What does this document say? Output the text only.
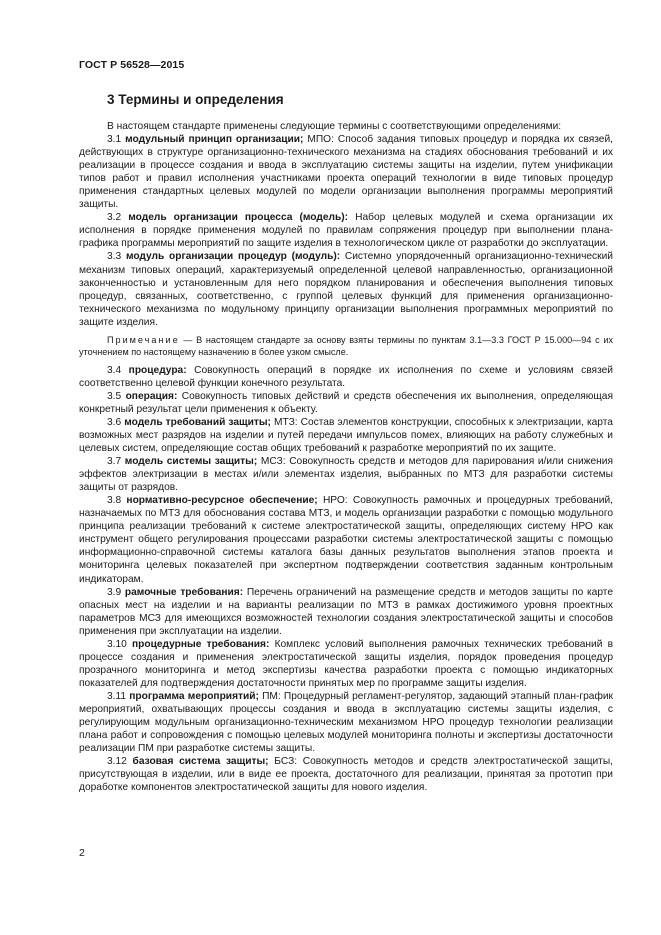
ГОСТ Р 56528—2015
3 Термины и определения

В настоящем стандарте применены следующие термины с соответствующими определениями:

3.1 модульный принцип организации; МПО: Способ задания типовых процедур и порядка их связей, действующих в структуре организационно-технического механизма на стадиях обоснования требований и их реализации в процессе создания и ввода в эксплуатацию системы защиты на изделии, путем унификации типов работ и правил исполнения участниками проекта операций технологии в виде типовых процедур применения стандартных целевых модулей по модели организации выполнения программы мероприятий защиты.

3.2 модель организации процесса (модель): Набор целевых модулей и схема организации их исполнения в порядке применения модулей по правилам сопряжения процедур при выполнении плана-графика программы мероприятий по защите изделия в технологическом цикле от разработки до эксплуатации.

3.3 модуль организации процедур (модуль): Системно упорядоченный организационно-технический механизм типовых операций, характеризуемый определенной целевой направленностью, организационной законченностью и установленным для него порядком планирования и обеспечения выполнения типовых процедур, связанных, соответственно, с группой целевых функций для применения организационно-технического механизма по модульному принципу организации выполнения программных мероприятий по защите изделия.

Примечание — В настоящем стандарте за основу взяты термины по пунктам 3.1—3.3 ГОСТ Р 15.000—94 с их уточнением по настоящему назначению в более узком смысле.

3.4 процедура: Совокупность операций в порядке их исполнения по схеме и условиям связей соответственно целевой функции конечного результата.

3.5 операция: Совокупность типовых действий и средств обеспечения их выполнения, определяющая конкретный результат цели применения к объекту.

3.6 модель требований защиты; МТЗ: Состав элементов конструкции, способных к электризации, карта возможных мест разрядов на изделии и путей передачи импульсов помех, влияющих на работу служебных и целевых систем, определяющие состав общих требований к разработке мероприятий по их защите.

3.7 модель системы защиты; МСЗ: Совокупность средств и методов для парирования и/или снижения эффектов электризации в местах и/или элементах изделия, выбранных по МТЗ для разработки системы защиты от разрядов.

3.8 нормативно-ресурсное обеспечение; НРО: Совокупность рамочных и процедурных требований, назначаемых по МТЗ для обоснования состава МТЗ, и модель организации разработки с помощью модульного принципа реализации требований к системе электростатической защиты, определяющих систему НРО как инструмент общего регулирования процессами разработки системы электростатической защиты с помощью информационно-справочной системы каталога базы данных результатов выполнения этапов проекта и мониторинга целевых показателей при экспертном подтверждении соответствия заданным контрольным индикаторам.

3.9 рамочные требования: Перечень ограничений на размещение средств и методов защиты по карте опасных мест на изделии и на варианты реализации по МТЗ в рамках достижимого уровня проектных параметров МСЗ для имеющихся возможностей технологии создания электростатической защиты и способов применения при эксплуатации на изделии.

3.10 процедурные требования: Комплекс условий выполнения рамочных технических требований в процессе создания и применения электростатической защиты изделия, порядок проведения процедур прозрачного мониторинга и метод экспертизы качества разработки проекта с помощью индикаторных показателей для подтверждения достаточности принятых мер по программе защиты изделия.

3.11 программа мероприятий; ПМ: Процедурный регламент-регулятор, задающий этапный план-график мероприятий, охватывающих процессы создания и ввода в эксплуатацию системы защиты изделия, с регулирующим модульным организационно-техническим механизмом НРО процедур технологии реализации плана работ и сопровождения с помощью целевых модулей мониторинга полноты и экспертизы достаточности реализации ПМ при разработке системы защиты.

3.12 базовая система защиты; БСЗ: Совокупность методов и средств электростатической защиты, присутствующая в изделии, или в виде ее проекта, достаточного для реализации, принятая за прототип при доработке компонентов электростатической защиты для нового изделия.

2
